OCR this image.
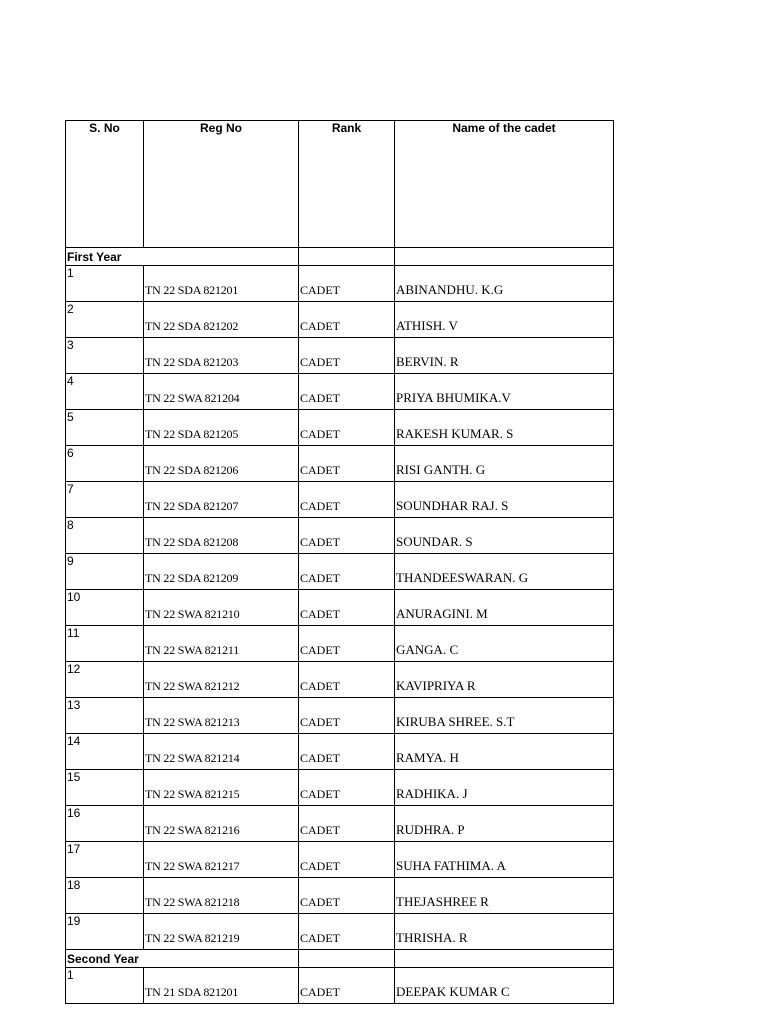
S. No	Reg No	Rank	Name of the cadet
First Year			
1	TN 22 SDA 821201	CADET	ABINANDHU. K.G
2	TN 22 SDA 821202	CADET	ATHISH. V
3	TN 22 SDA 821203	CADET	BERVIN. R
4	TN 22 SWA 821204	CADET	PRIYA BHUMIKA.V
5	TN 22 SDA 821205	CADET	RAKESH KUMAR. S
6	TN 22 SDA 821206	CADET	RISI GANTH. G
7	TN 22 SDA 821207	CADET	SOUNDHAR RAJ. S
8	TN 22 SDA 821208	CADET	SOUNDAR. S
9	TN 22 SDA 821209	CADET	THANDEESWARAN. G
10	TN 22 SWA 821210	CADET	ANURAGINI. M
11	TN 22 SWA 821211	CADET	GANGA. C
12	TN 22 SWA 821212	CADET	KAVIPRIYA R
13	TN 22 SWA 821213	CADET	KIRUBA SHREE. S.T
14	TN 22 SWA 821214	CADET	RAMYA. H
15	TN 22 SWA 821215	CADET	RADHIKA. J
16	TN 22 SWA 821216	CADET	RUDHRA. P
17	TN 22 SWA 821217	CADET	SUHA FATHIMA. A
18	TN 22 SWA 821218	CADET	THEJASHREE R
19	TN 22 SWA 821219	CADET	THRISHA. R
Second Year			
1	TN 21 SDA 821201	CADET	DEEPAK KUMAR C
